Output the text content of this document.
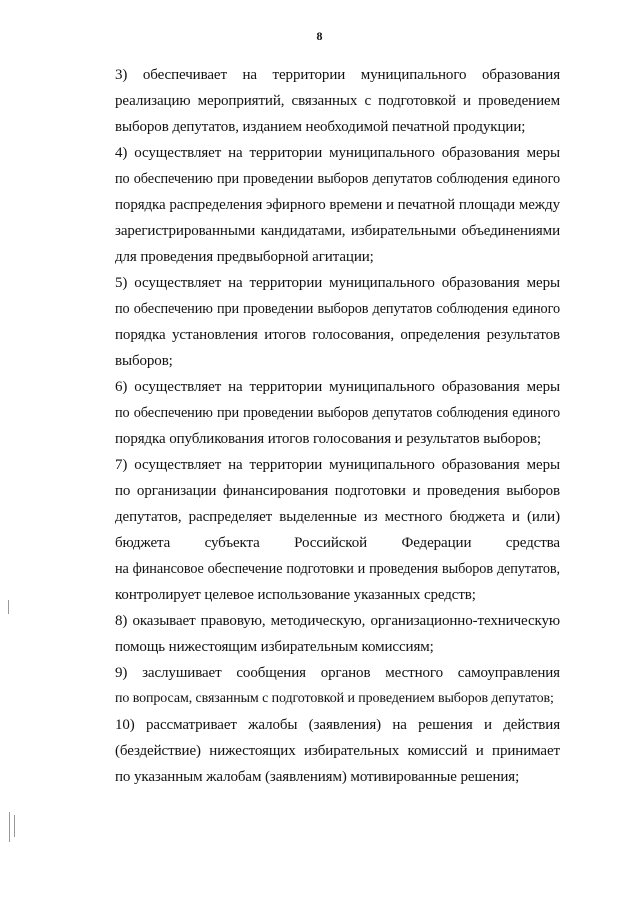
8
3) обеспечивает на территории муниципального образования
реализацию мероприятий, связанных с подготовкой и проведением
выборов депутатов, изданием необходимой печатной продукции;
4) осуществляет на территории муниципального образования меры
по обеспечению при проведении выборов депутатов соблюдения единого
порядка распределения эфирного времени и печатной площади между
зарегистрированными кандидатами, избирательными объединениями
для проведения предвыборной агитации;
5) осуществляет на территории муниципального образования меры
по обеспечению при проведении выборов депутатов соблюдения единого
порядка установления итогов голосования, определения результатов
выборов;
6) осуществляет на территории муниципального образования меры
по обеспечению при проведении выборов депутатов соблюдения единого
порядка опубликования итогов голосования и результатов выборов;
7) осуществляет на территории муниципального образования меры
по организации финансирования подготовки и проведения выборов
депутатов, распределяет выделенные из местного бюджета и (или)
бюджета субъекта Российской Федерации средства
на финансовое обеспечение подготовки и проведения выборов депутатов,
контролирует целевое использование указанных средств;
8) оказывает правовую, методическую, организационно-техническую
помощь нижестоящим избирательным комиссиям;
9) заслушивает сообщения органов местного самоуправления
по вопросам, связанным с подготовкой и проведением выборов депутатов;
10) рассматривает жалобы (заявления) на решения и действия
(бездействие) нижестоящих избирательных комиссий и принимает
по указанным жалобам (заявлениям) мотивированные решения;
